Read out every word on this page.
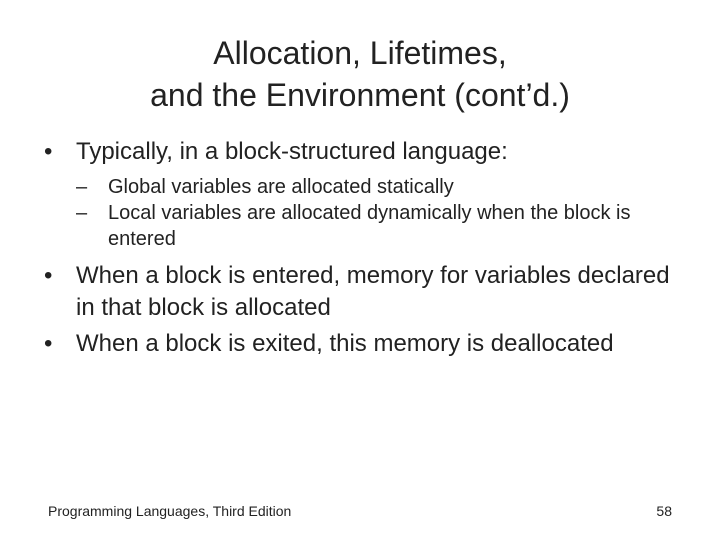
Allocation, Lifetimes,
and the Environment (cont’d.)
• Typically, in a block-structured language:
–	Global variables are allocated statically
–	Local variables are allocated dynamically when the block is entered
• When a block is entered, memory for variables declared in that block is allocated
• When a block is exited, this memory is deallocated
Programming Languages, Third Edition	58
